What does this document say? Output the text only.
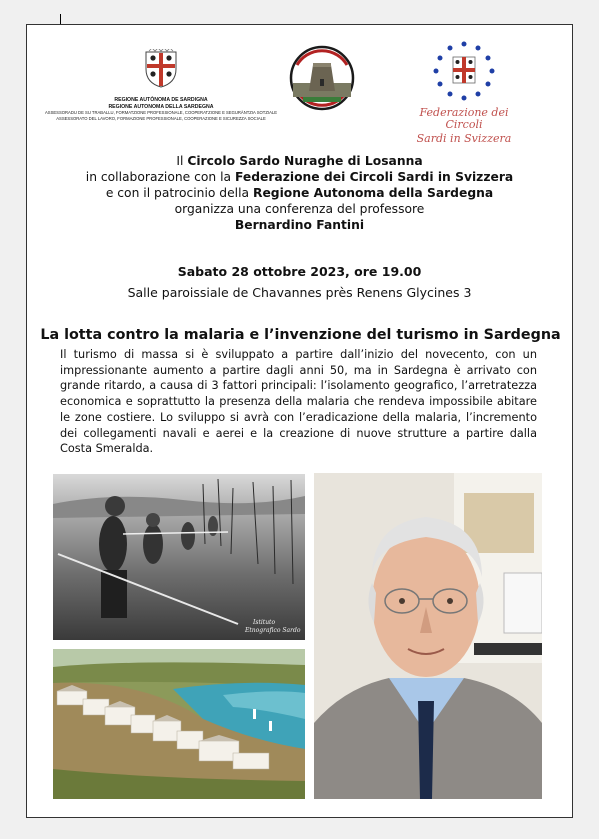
REGIONE AUTÒNOMA DE SARDIGNA
REGIONE AUTONOMA DELLA SARDEGNA
ASSESSORADU DE SU TRABALLU, FORMATZIONE PROFESSIONALE, COOPERATZIONE E SEGURÀNTZIA SOTZIALE
ASSESSORATO DEL LAVORO, FORMAZIONE PROFESSIONALE, COOPERAZIONE E SICUREZZA SOCIALE	Federazione dei Circoli
Sardi in Svizzera
Il Circolo Sardo Nuraghe di Losanna
in collaborazione con la Federazione dei Circoli Sardi in Svizzera
e con il patrocinio della Regione Autonoma della Sardegna
organizza una conferenza del professore
Bernardino Fantini
Sabato 28 ottobre 2023, ore 19.00
Salle paroissiale de Chavannes près Renens Glycines 3
La lotta contro la malaria e l’invenzione del turismo in Sardegna
Il turismo di massa si è sviluppato a partire dall’inizio del novecento, con un impressionante aumento a partire dagli anni 50, ma in Sardegna è arrivato con grande ritardo, a causa di 3 fattori principali: l’isolamento geografico, l’arretratezza economica e soprattutto la presenza della malaria che rendeva impossibile abitare le zone costiere. Lo sviluppo si avrà con l’eradicazione della malaria, l’incremento dei collegamenti navali e aerei e la creazione di nuove strutture a partire dalla Costa Smeralda.
Istituto
Etnografico Sardo
